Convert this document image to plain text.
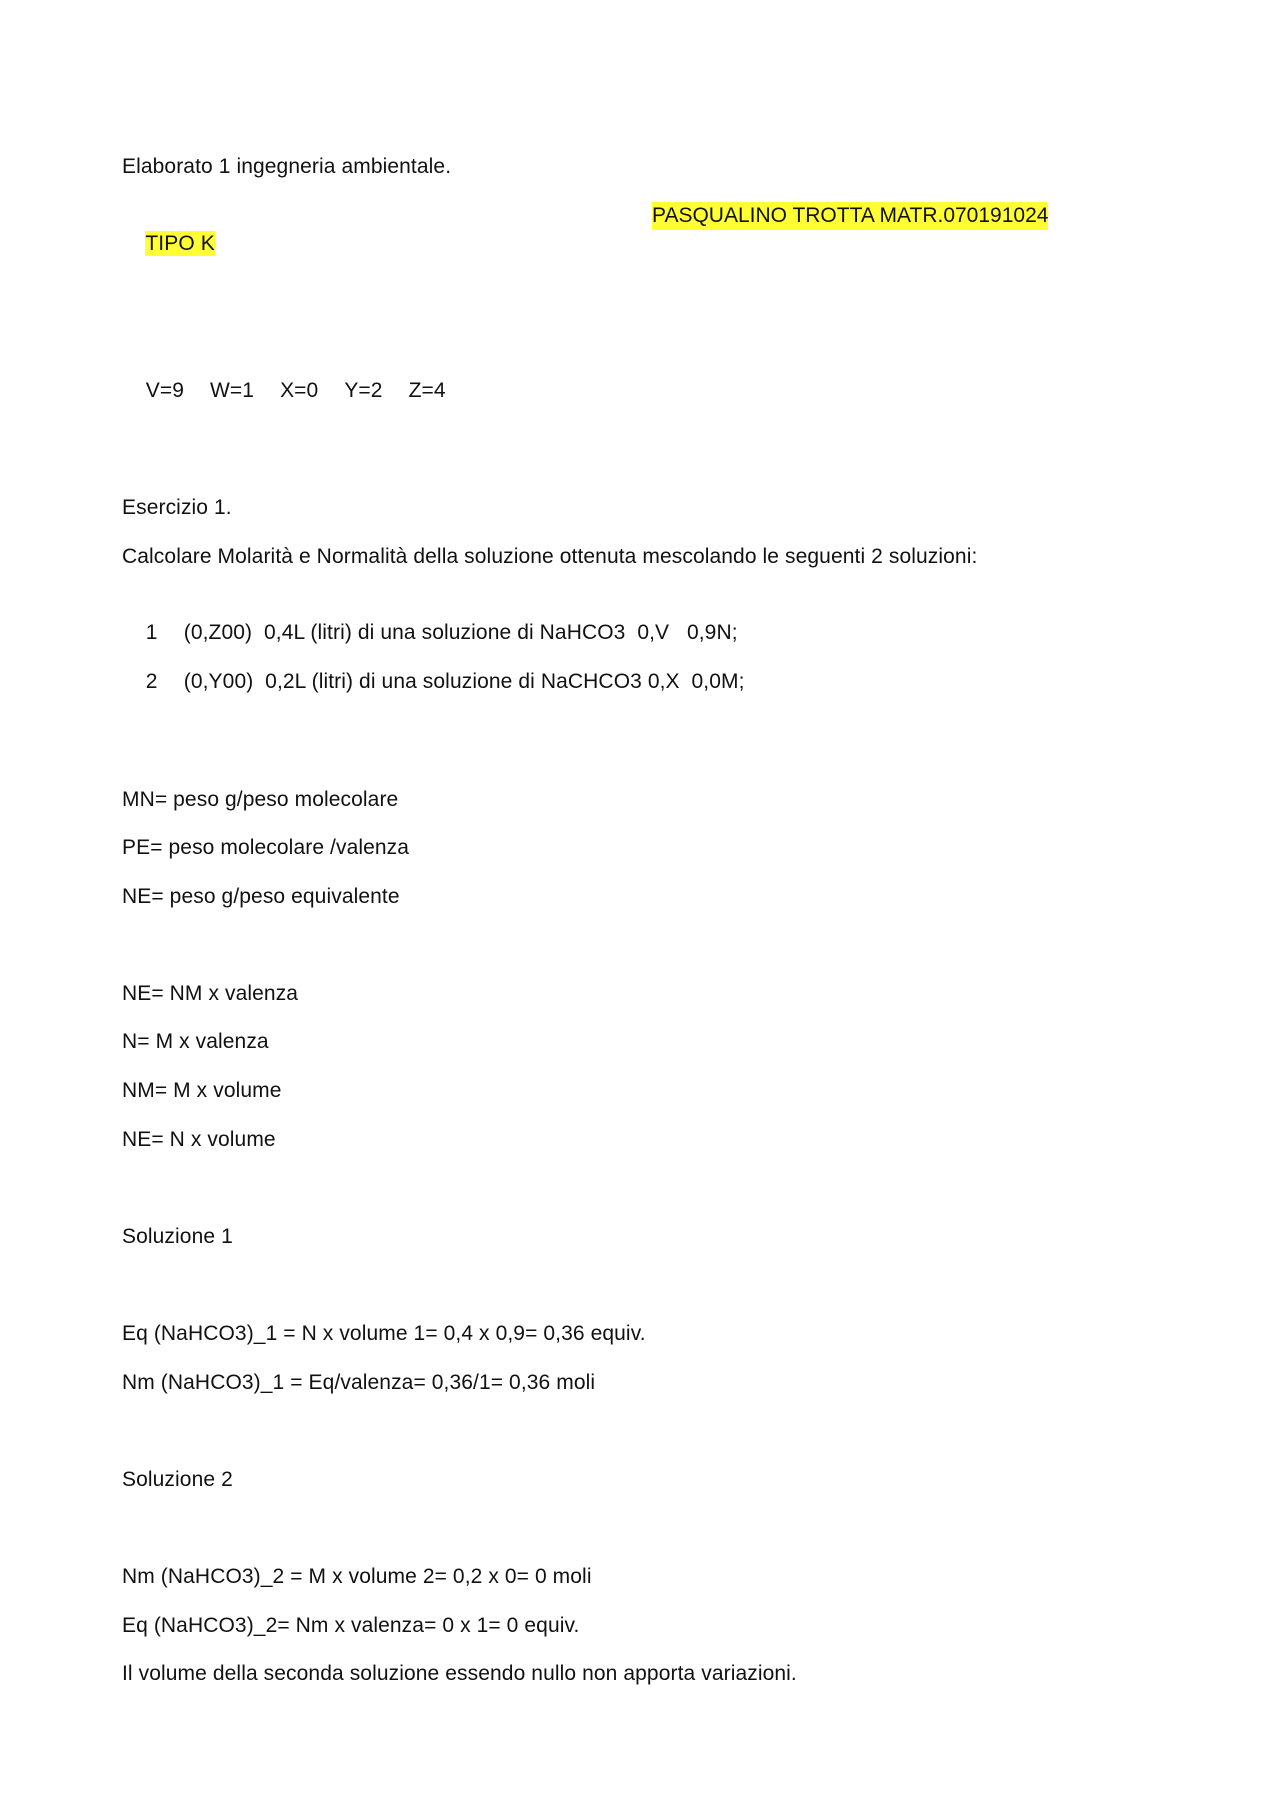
Elaborato 1 ingegneria ambientale.

TIPO K

PASQUALINO TROTTA MATR.070191024

V=9 W=1 X=0 Y=2 Z=4

Esercizio 1.
Calcolare Molarità e Normalità della soluzione ottenuta mescolando le seguenti 2 soluzioni:

1 (0,Z00)  0,4L (litri) di una soluzione di NaHCO3  0,V   0,9N;

2 (0,Y00)  0,2L (litri) di una soluzione di NaCHCO3 0,X  0,0M;

MN= peso g/peso molecolare
PE= peso molecolare /valenza
NE= peso g/peso equivalente
NE= NM x valenza
N= M x valenza
NM= M x volume
NE= N x volume
Soluzione 1
Eq (NaHCO3)_1 = N x volume 1= 0,4 x 0,9= 0,36 equiv.
Nm (NaHCO3)_1 = Eq/valenza= 0,36/1= 0,36 moli
Soluzione 2
Nm (NaHCO3)_2 = M x volume 2= 0,2 x 0= 0 moli
Eq (NaHCO3)_2= Nm x valenza= 0 x 1= 0 equiv.
Il volume della seconda soluzione essendo nullo non apporta variazioni.
